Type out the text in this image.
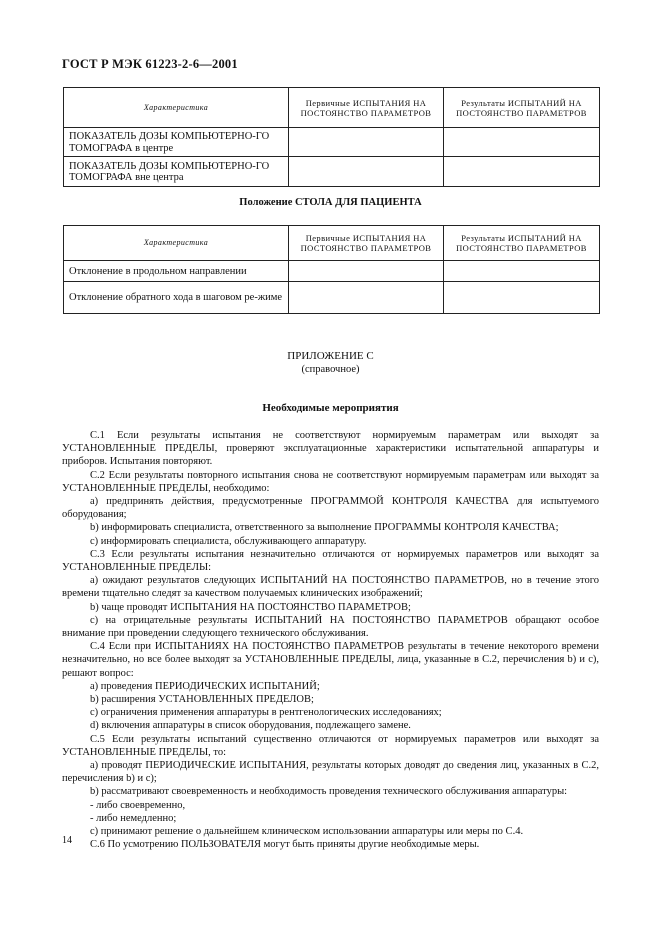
ГОСТ Р МЭК 61223-2-6—2001
Характеристика	Первичные ИСПЫТАНИЯ НА ПОСТОЯНСТВО ПАРАМЕТРОВ	Результаты ИСПЫТАНИЙ НА ПОСТОЯНСТВО ПАРАМЕТРОВ
ПОКАЗАТЕЛЬ ДОЗЫ КОМПЬЮТЕРНО-ГО ТОМОГРАФА в центре		
ПОКАЗАТЕЛЬ ДОЗЫ КОМПЬЮТЕРНО-ГО ТОМОГРАФА вне центра		
Положение СТОЛА ДЛЯ ПАЦИЕНТА
Характеристика	Первичные ИСПЫТАНИЯ НА ПОСТОЯНСТВО ПАРАМЕТРОВ	Результаты ИСПЫТАНИЙ НА ПОСТОЯНСТВО ПАРАМЕТРОВ
Отклонение в продольном направлении		
Отклонение обратного хода в шаговом ре-жиме		
ПРИЛОЖЕНИЕ С
(справочное)
Необходимые мероприятия

С.1 Если результаты испытания не соответствуют нормируемым параметрам или выходят за УСТАНОВЛЕННЫЕ ПРЕДЕЛЫ, проверяют эксплуатационные характеристики испытательной аппаратуры и приборов. Испытания повторяют.

С.2 Если результаты повторного испытания снова не соответствуют нормируемым параметрам или выходят за УСТАНОВЛЕННЫЕ ПРЕДЕЛЫ, необходимо:

a) предпринять действия, предусмотренные ПРОГРАММОЙ КОНТРОЛЯ КАЧЕСТВА для испытуемого оборудования;

b) информировать специалиста, ответственного за выполнение ПРОГРАММЫ КОНТРОЛЯ КАЧЕСТВА;

c) информировать специалиста, обслуживающего аппаратуру.

С.3 Если результаты испытания незначительно отличаются от нормируемых параметров или выходят за УСТАНОВЛЕННЫЕ ПРЕДЕЛЫ:

a) ожидают результатов следующих ИСПЫТАНИЙ НА ПОСТОЯНСТВО ПАРАМЕТРОВ, но в течение этого времени тщательно следят за качеством получаемых клинических изображений;

b) чаще проводят ИСПЫТАНИЯ НА ПОСТОЯНСТВО ПАРАМЕТРОВ;

c) на отрицательные результаты ИСПЫТАНИЙ НА ПОСТОЯНСТВО ПАРАМЕТРОВ обращают особое внимание при проведении следующего технического обслуживания.

С.4 Если при ИСПЫТАНИЯХ НА ПОСТОЯНСТВО ПАРАМЕТРОВ результаты в течение некоторого времени незначительно, но все более выходят за УСТАНОВЛЕННЫЕ ПРЕДЕЛЫ, лица, указанные в С.2, перечисления b) и c), решают вопрос:

a) проведения ПЕРИОДИЧЕСКИХ ИСПЫТАНИЙ;

b) расширения УСТАНОВЛЕННЫХ ПРЕДЕЛОВ;

c) ограничения применения аппаратуры в рентгенологических исследованиях;

d) включения аппаратуры в список оборудования, подлежащего замене.

С.5 Если результаты испытаний существенно отличаются от нормируемых параметров или выходят за УСТАНОВЛЕННЫЕ ПРЕДЕЛЫ, то:

a) проводят ПЕРИОДИЧЕСКИЕ ИСПЫТАНИЯ, результаты которых доводят до сведения лиц, указанных в С.2, перечисления b) и c);

b) рассматривают своевременность и необходимость проведения технического обслуживания аппаратуры:

- либо своевременно,

- либо немедленно;

c) принимают решение о дальнейшем клиническом использовании аппаратуры или меры по С.4.

С.6 По усмотрению ПОЛЬЗОВАТЕЛЯ могут быть приняты другие необходимые меры.

14
